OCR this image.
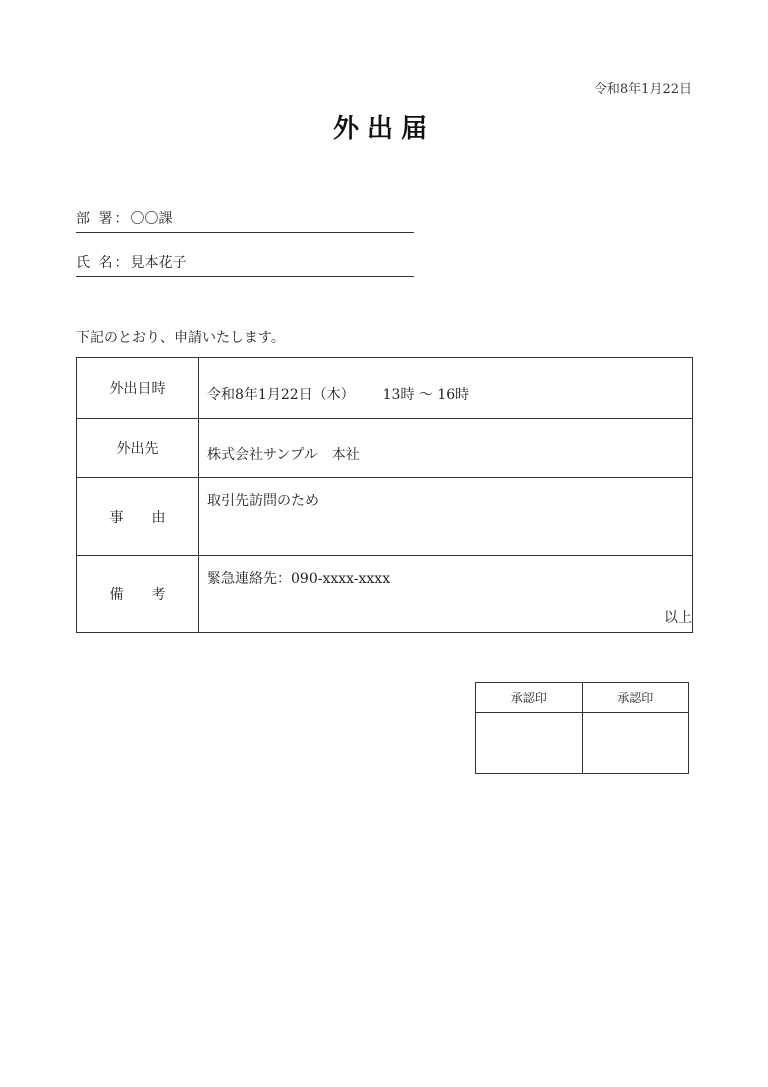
令和8年1月22日
外出届
部 署：〇〇課
氏 名：見本花子
下記のとおり、申請いたします。
外出日時	令和8年1月22日（木） 13時 ～ 16時
外出先	株式会社サンプル　本社
事由	取引先訪問のため
備考	緊急連絡先：090-xxxx-xxxx
以上
承認印	承認印
